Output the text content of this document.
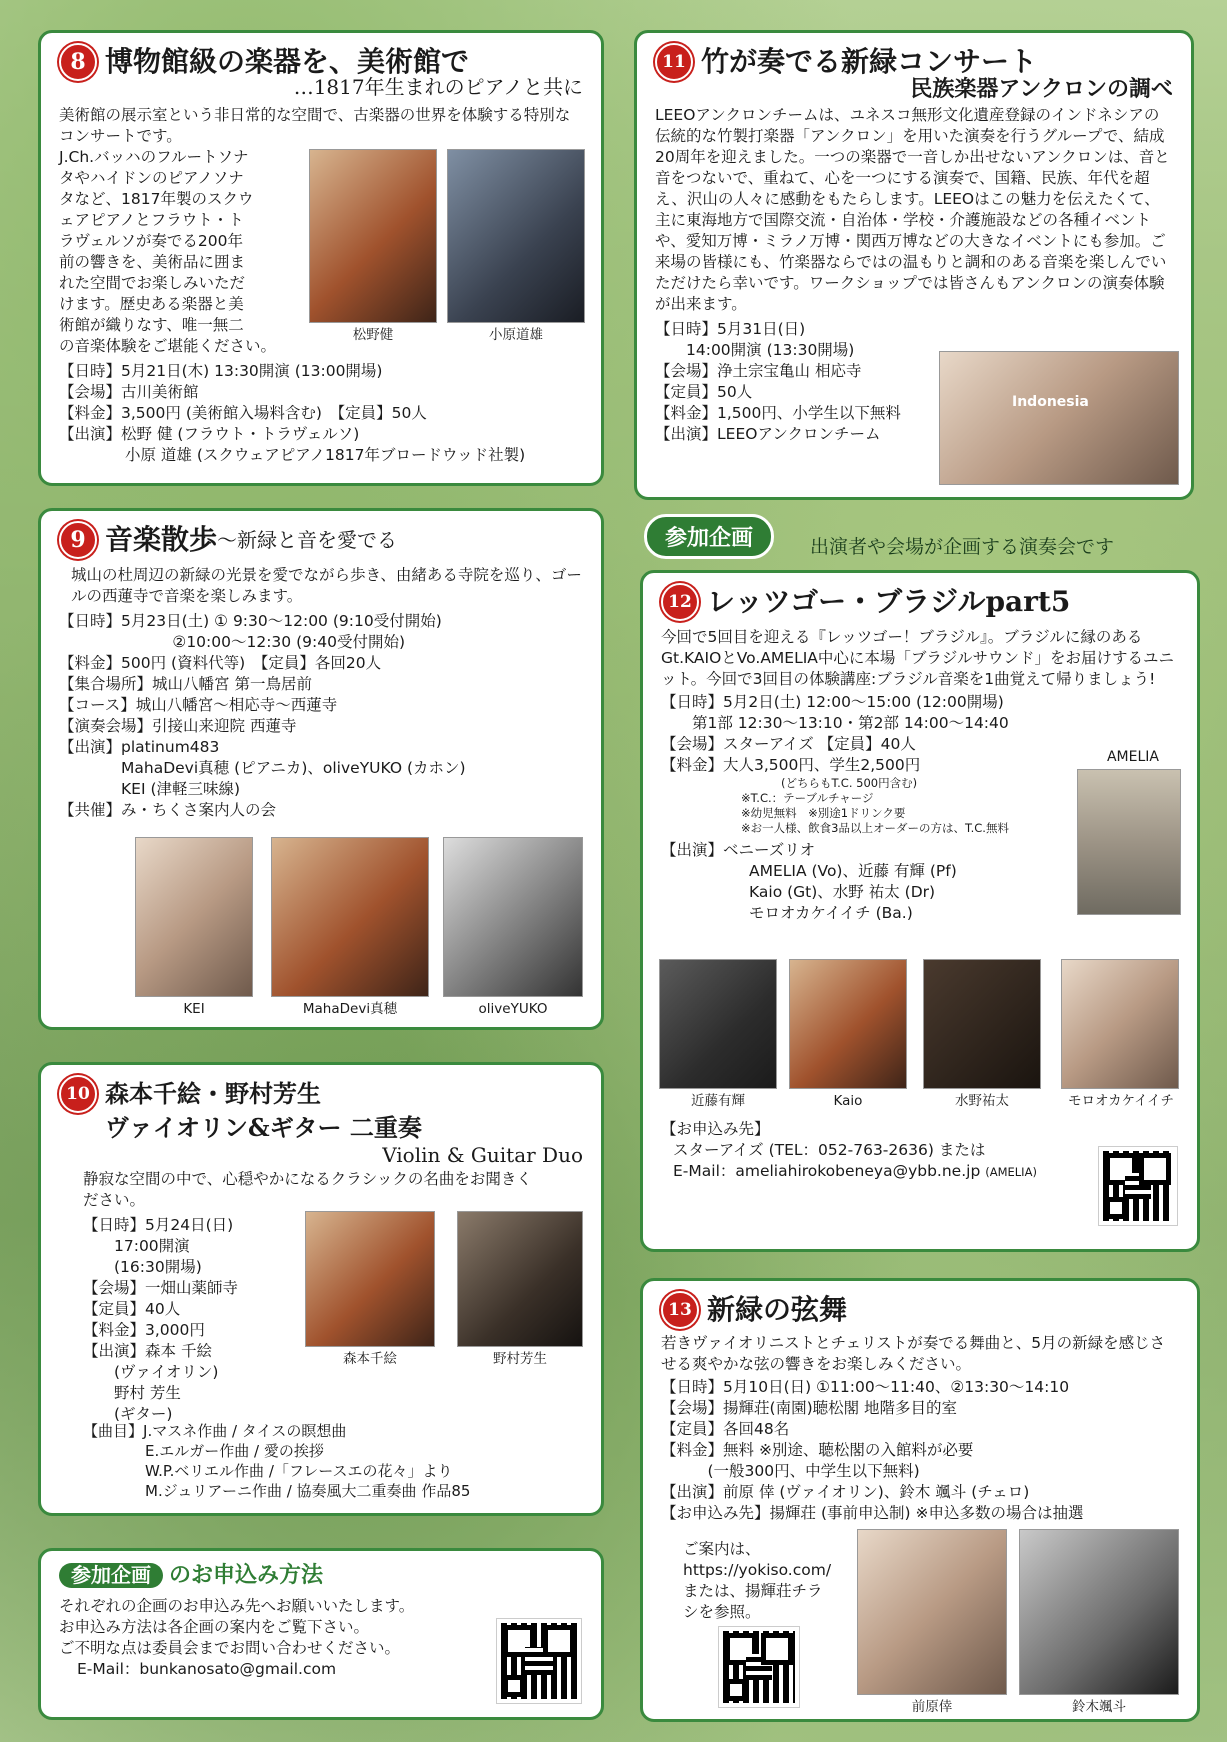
8 博物館級の楽器を、美術館で
…1817年生まれのピアノと共に
美術館の展示室という非日常的な空間で、古楽器の世界を体験する特別なコンサートです。
J.Ch.バッハのフルートソナ
タやハイドンのピアノソナ
タなど、1817年製のスクウ
ェアピアノとフラウト・ト
ラヴェルソが奏でる200年
前の響きを、美術品に囲ま
れた空間でお楽しみいただ
けます。歴史ある楽器と美
術館が織りなす、唯一無二
の音楽体験をご堪能ください。
松野健	小原道雄
【日時】 5月21日(木) 13:30開演 (13:00開場)
【会場】 古川美術館
【料金】 3,500円 (美術館入場料含む)　【定員】50人
【出演】 松野 健 (フラウト・トラヴェルソ)
小原 道雄 (スクウェアピアノ1817年ブロードウッド社製)
11 竹が奏でる新緑コンサート
民族楽器アンクロンの調べ
LEEOアンクロンチームは、ユネスコ無形文化遺産登録のインドネシアの伝統的な竹製打楽器「アンクロン」を用いた演奏を行うグループで、結成20周年を迎えました。一つの楽器で一音しか出せないアンクロンは、音と音をつないで、重ねて、心を一つにする演奏で、国籍、民族、年代を超え、沢山の人々に感動をもたらします。LEEOはこの魅力を伝えたくて、主に東海地方で国際交流・自治体・学校・介護施設などの各種イベントや、愛知万博・ミラノ万博・関西万博などの大きなイベントにも参加。ご来場の皆様にも、竹楽器ならではの温もりと調和のある音楽を楽しんでいただけたら幸いです。ワークショップでは皆さんもアンクロンの演奏体験が出来ます。
【日時】 5月31日(日)
　　14:00開演 (13:30開場)
【会場】 浄土宗宝亀山 相応寺
【定員】 50人
【料金】 1,500円、小学生以下無料
【出演】 LEEOアンクロンチーム
Indonesia
9 音楽散歩 ～新緑と音を愛でる
城山の杜周辺の新緑の光景を愛でながら歩き、由緒ある寺院を巡り、ゴールの西蓮寺で音楽を楽しみます。
【日時】 5月23日(土) ① 9:30～12:00 (9:10受付開始)
　　　　　　　 ②10:00～12:30 (9:40受付開始)
【料金】 500円 (資料代等)　【定員】各回20人
【集合場所】 城山八幡宮 第一鳥居前
【コース】 城山八幡宮～相応寺～西蓮寺
【演奏会場】 引接山来迎院 西蓮寺
【出演】 platinum483
　　　　MahaDevi真穂 (ピアニカ)、oliveYUKO (カホン)
　　　　KEI (津軽三味線)
【共催】 み・ちくさ案内人の会
KEI	MahaDevi真穂	oliveYUKO
参加企画	出演者や会場が企画する演奏会です
12 レッツゴー・ブラジルpart5
今回で5回目を迎える『レッツゴー！ブラジル』。ブラジルに縁のあるGt.KAIOとVo.AMELIA中心に本場「ブラジルサウンド」をお届けするユニット。今回で3回目の体験講座:ブラジル音楽を1曲覚えて帰りましょう!
【日時】 5月2日(土) 12:00～15:00 (12:00開場)
　　第1部 12:30～13:10・第2部 14:00～14:40
【会場】 スターアイズ 【定員】40人
【料金】 大人3,500円、学生2,500円
(どちらもT.C. 500円含む)
※T.C.：テーブルチャージ
※幼児無料　※別途1ドリンク要
※お一人様、飲食3品以上オーダーの方は、T.C.無料
【出演】 ベニーズリオ
AMELIA (Vo)、近藤 有輝 (Pf)
Kaio (Gt)、水野 祐太 (Dr)
モロオカケイイチ (Ba.)
AMELIA
近藤有輝	Kaio	水野祐太	モロオカケイイチ
【お申込み先】
スターアイズ (TEL：052-763-2636) または
E-Mail：ameliahirokobeneya@ybb.ne.jp (AMELIA)
10 森本千絵・野村芳生
ヴァイオリン&ギター 二重奏
Violin & Guitar Duo
静寂な空間の中で、心穏やかになるクラシックの名曲をお聞きください。
【日時】 5月24日(日)
　　17:00開演
　　(16:30開場)
【会場】 一畑山薬師寺
【定員】 40人
【料金】 3,000円
【出演】 森本 千絵
　　(ヴァイオリン)
　　野村 芳生
　　(ギター)
森本千絵	野村芳生
【曲目】 J.マスネ作曲 / タイスの瞑想曲
E.エルガー作曲 / 愛の挨拶
W.P.ベリエル作曲 /「フレースエの花々」より
M.ジュリアーニ作曲 / 協奏風大二重奏曲 作品85
13 新緑の弦舞
若きヴァイオリニストとチェリストが奏でる舞曲と、5月の新緑を感じさせる爽やかな弦の響きをお楽しみください。
【日時】 5月10日(日) ①11:00～11:40、②13:30～14:10
【会場】 揚輝荘(南園)聴松閣 地階多目的室
【定員】 各回48名
【料金】 無料 ※別途、聴松閣の入館料が必要
　　　(一般300円、中学生以下無料)
【出演】 前原 倖 (ヴァイオリン)、鈴木 颯斗 (チェロ)
【お申込み先】 揚輝荘 (事前申込制) ※申込多数の場合は抽選
ご案内は、
https://yokiso.com/
または、揚輝荘チラ
シを参照。
前原倖	鈴木颯斗
参加企画 のお申込み方法
それぞれの企画のお申込み先へお願いいたします。
お申込み方法は各企画の案内をご覧下さい。
ご不明な点は委員会までお問い合わせください。
E-Mail：bunkanosato@gmail.com
